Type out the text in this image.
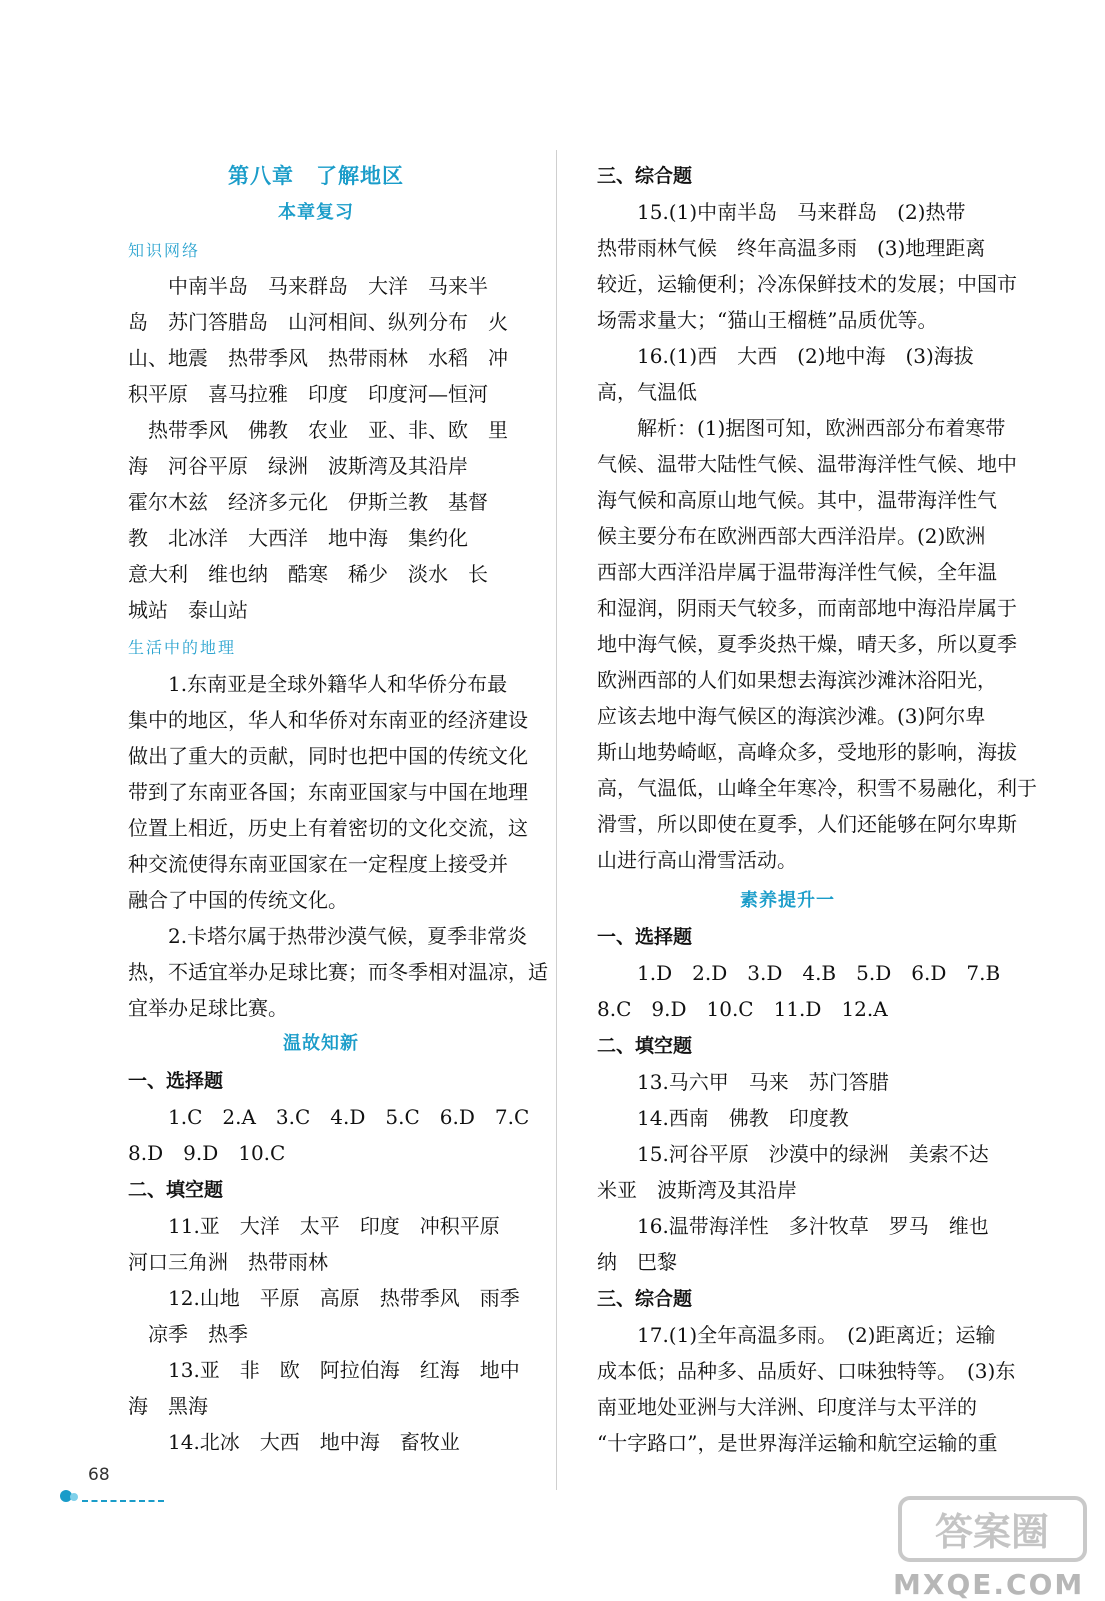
第八章　了解地区
本章复习
知识网络
中南半岛　马来群岛　大洋　马来半
岛　苏门答腊岛　山河相间、纵列分布　火
山、地震　热带季风　热带雨林　水稻　冲
积平原　喜马拉雅　印度　印度河—恒河
热带季风　佛教　农业　亚、非、欧　里
海　河谷平原　绿洲　波斯湾及其沿岸
霍尔木兹　经济多元化　伊斯兰教　基督
教　北冰洋　大西洋　地中海　集约化
意大利　维也纳　酷寒　稀少　淡水　长
城站　泰山站
生活中的地理
1.东南亚是全球外籍华人和华侨分布最
集中的地区，华人和华侨对东南亚的经济建设
做出了重大的贡献，同时也把中国的传统文化
带到了东南亚各国；东南亚国家与中国在地理
位置上相近，历史上有着密切的文化交流，这
种交流使得东南亚国家在一定程度上接受并
融合了中国的传统文化。
2.卡塔尔属于热带沙漠气候，夏季非常炎
热，不适宜举办足球比赛；而冬季相对温凉，适
宜举办足球比赛。
温故知新
一、选择题
1.C　2.A　3.C　4.D　5.C　6.D　7.C
8.D　9.D　10.C
二、填空题
11.亚　大洋　太平　印度　冲积平原
河口三角洲　热带雨林
12.山地　平原　高原　热带季风　雨季
凉季　热季
13.亚　非　欧　阿拉伯海　红海　地中
海　黑海
14.北冰　大西　地中海　畜牧业
三、综合题
15.(1)中南半岛　马来群岛　(2)热带
热带雨林气候　终年高温多雨　(3)地理距离
较近，运输便利；冷冻保鲜技术的发展；中国市
场需求量大；“猫山王榴梿”品质优等。
16.(1)西　大西　(2)地中海　(3)海拔
高，气温低
解析：(1)据图可知，欧洲西部分布着寒带
气候、温带大陆性气候、温带海洋性气候、地中
海气候和高原山地气候。其中，温带海洋性气
候主要分布在欧洲西部大西洋沿岸。(2)欧洲
西部大西洋沿岸属于温带海洋性气候，全年温
和湿润，阴雨天气较多，而南部地中海沿岸属于
地中海气候，夏季炎热干燥，晴天多，所以夏季
欧洲西部的人们如果想去海滨沙滩沐浴阳光，
应该去地中海气候区的海滨沙滩。(3)阿尔卑
斯山地势崎岖，高峰众多，受地形的影响，海拔
高，气温低，山峰全年寒冷，积雪不易融化，利于
滑雪，所以即使在夏季，人们还能够在阿尔卑斯
山进行高山滑雪活动。
素养提升一
一、选择题
1.D　2.D　3.D　4.B　5.D　6.D　7.B
8.C　9.D　10.C　11.D　12.A
二、填空题
13.马六甲　马来　苏门答腊
14.西南　佛教　印度教
15.河谷平原　沙漠中的绿洲　美索不达
米亚　波斯湾及其沿岸
16.温带海洋性　多汁牧草　罗马　维也
纳　巴黎
三、综合题
17.(1)全年高温多雨。　(2)距离近；运输
成本低；品种多、品质好、口味独特等。　(3)东
南亚地处亚洲与大洋洲、印度洋与太平洋的
“十字路口”，是世界海洋运输和航空运输的重
68
答案圈
MXQE.COM
